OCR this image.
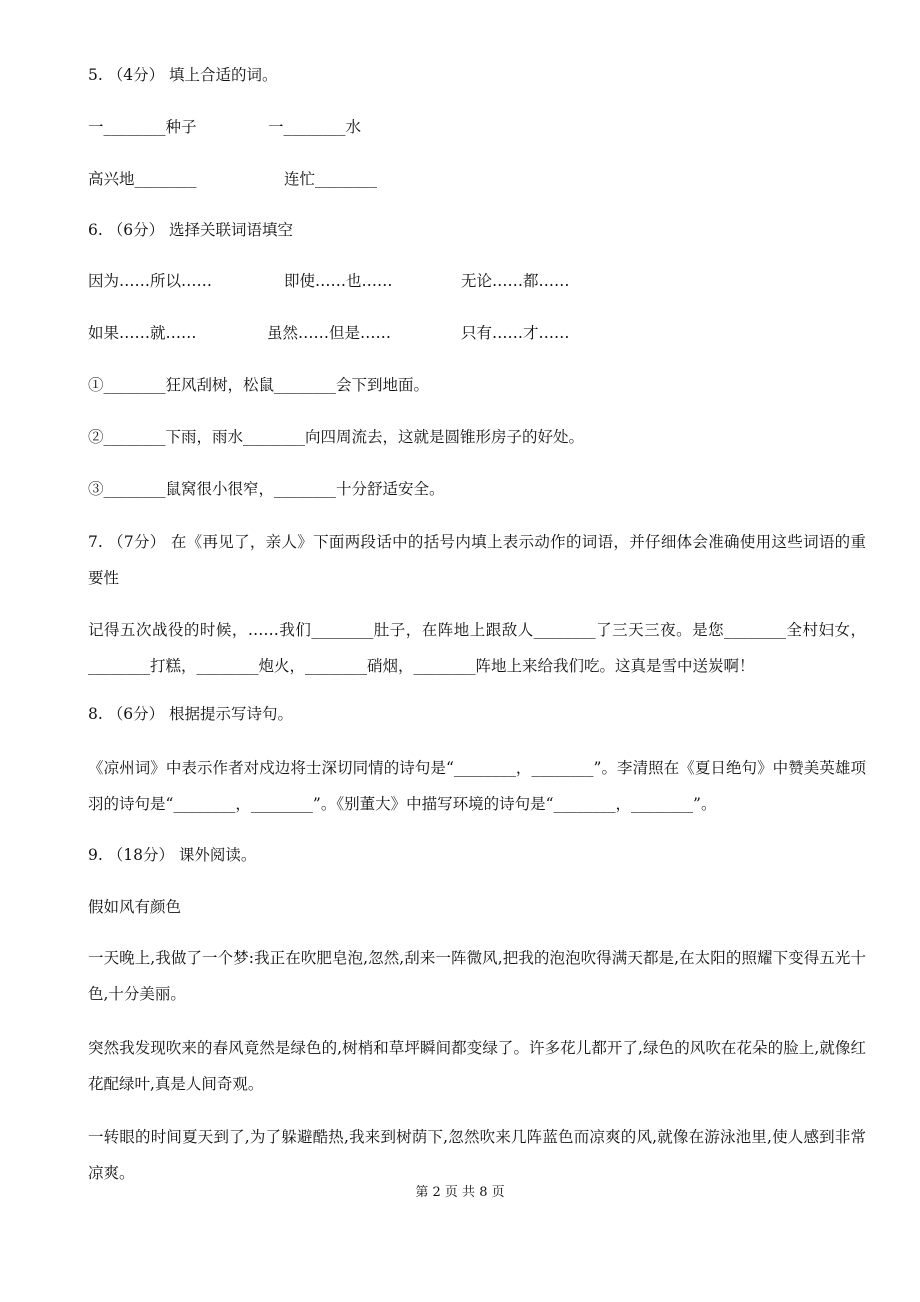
5. （4分） 填上合适的词。
一________种子	一________水
高兴地________	连忙________
6. （6分） 选择关联词语填空
因为……所以……	即使……也……	无论……都……
如果……就……	虽然……但是……	只有……才……
①________狂风刮树，松鼠________会下到地面。
②________下雨，雨水________向四周流去，这就是圆锥形房子的好处。
③________鼠窝很小很窄，________十分舒适安全。
7. （7分） 在《再见了，亲人》下面两段话中的括号内填上表示动作的词语，并仔细体会准确使用这些词语的重要性
记得五次战役的时候，……我们________肚子，在阵地上跟敌人________了三天三夜。是您________全村妇女，________打糕，________炮火，________硝烟，________阵地上来给我们吃。这真是雪中送炭啊！
8. （6分） 根据提示写诗句。
《凉州词》中表示作者对戍边将士深切同情的诗句是“________，________”。李清照在《夏日绝句》中赞美英雄项羽的诗句是“________，________”。《别董大》中描写环境的诗句是“________，________”。
9. （18分） 课外阅读。
假如风有颜色
一天晚上,我做了一个梦:我正在吹肥皂泡,忽然,刮来一阵微风,把我的泡泡吹得满天都是,在太阳的照耀下变得五光十色,十分美丽。
突然我发现吹来的春风竟然是绿色的,树梢和草坪瞬间都变绿了。许多花儿都开了,绿色的风吹在花朵的脸上,就像红花配绿叶,真是人间奇观。
一转眼的时间夏天到了,为了躲避酷热,我来到树荫下,忽然吹来几阵蓝色而凉爽的风,就像在游泳池里,使人感到非常凉爽。
第 2 页 共 8 页
